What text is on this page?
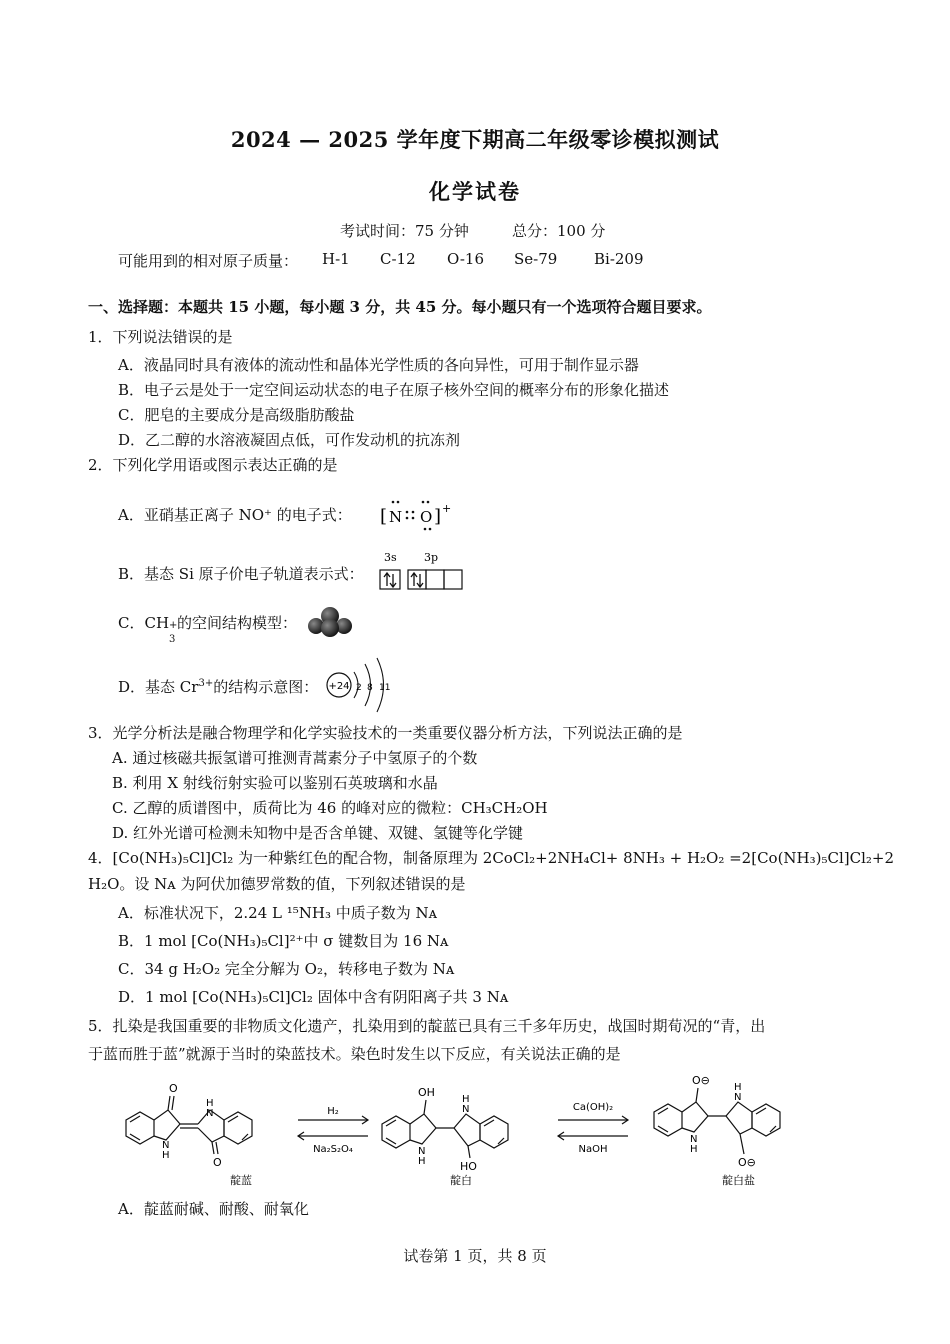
2024 — 2025 学年度下期高二年级零诊模拟测试
化学试卷
考试时间：75 分钟	总分：100 分
可能用到的相对原子质量： H-1 C-12 O-16 Se-79 Bi-209
一、选择题：本题共 15 小题，每小题 3 分，共 45 分。每小题只有一个选项符合题目要求。
1．下列说法错误的是
A．液晶同时具有液体的流动性和晶体光学性质的各向异性，可用于制作显示器
B．电子云是处于一定空间运动状态的电子在原子核外空间的概率分布的形象化描述
C．肥皂的主要成分是高级脂肪酸盐
D．乙二醇的水溶液凝固点低，可作发动机的抗冻剂
2．下列化学用语或图示表达正确的是
A．亚硝基正离子 NO⁺ 的电子式： [ N O ] +
B．基态 Si 原子价电子轨道表示式：
3s 3p
C．CH +
3
的空间结构模型：
D．基态 $Cr^{3+}$的结构示意图： +24 2 8 11
3．光学分析法是融合物理学和化学实验技术的一类重要仪器分析方法，下列说法正确的是
A. 通过核磁共振氢谱可推测青蒿素分子中氢原子的个数
B. 利用 X 射线衍射实验可以鉴别石英玻璃和水晶
C. 乙醇的质谱图中，质荷比为 46 的峰对应的微粒：CH₃CH₂OH
D. 红外光谱可检测未知物中是否含单键、双键、氢键等化学键
4．[Co(NH₃)₅Cl]Cl₂ 为一种紫红色的配合物，制备原理为 2CoCl₂+2NH₄Cl+ 8NH₃ + H₂O₂ =2[Co(NH₃)₅Cl]Cl₂+2
H₂O。设 Nᴀ 为阿伏加德罗常数的值，下列叙述错误的是
A．标准状况下，2.24 L ¹⁵NH₃ 中质子数为 Nᴀ
B．1 mol [Co(NH₃)₅Cl]²⁺中 σ 键数目为 16 Nᴀ
C．34 g H₂O₂ 完全分解为 O₂，转移电子数为 Nᴀ
D．1 mol [Co(NH₃)₅Cl]Cl₂ 固体中含有阴阳离子共 3 Nᴀ
5．扎染是我国重要的非物质文化遗产，扎染用到的靛蓝已具有三千多年历史，战国时期荀况的“青，出
于蓝而胜于蓝”就源于当时的染蓝技术。染色时发生以下反应，有关说法正确的是
O
O
N
H
H
N
OH
HO
N
H
H
N
O⊖
O⊖
N
H
H
N
H₂
Na₂S₂O₄
Ca(OH)₂
NaOH
靛蓝	靛白	靛白盐
A．靛蓝耐碱、耐酸、耐氧化
试卷第 1 页，共 8 页
